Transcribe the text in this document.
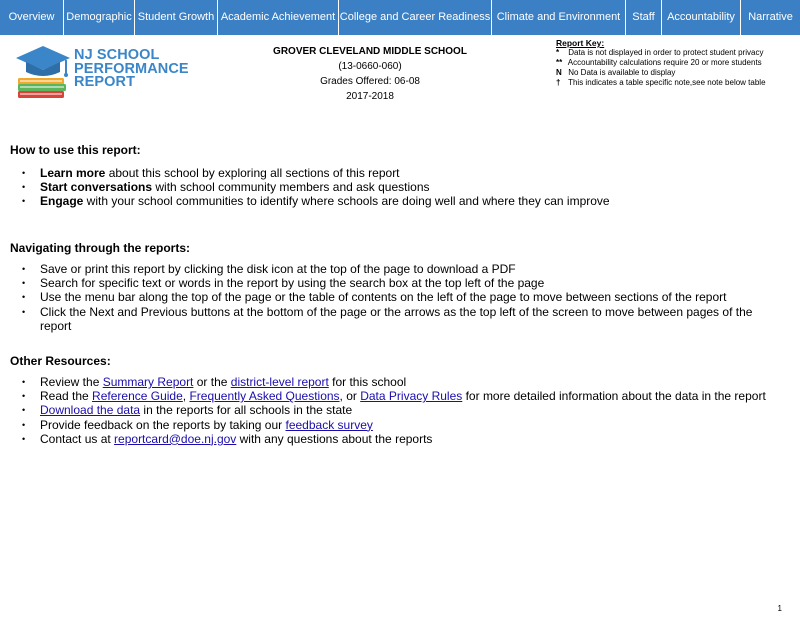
Overview	Demographic Student Growth Academic Achievement College and Career Readiness Climate and Environment	Staff	Accountability	Narrative
NJ SCHOOL
PERFORMANCE
REPORT
GROVER CLEVELAND MIDDLE SCHOOL
(13-0660-060)
Grades Offered: 06-08
2017-2018
Report Key:
* Data is not displayed in order to protect student privacy
** Accountability calculations require 20 or more students
N No Data is available to display
† This indicates a table specific note,see note below table
How to use this report:
• Learn more about this school by exploring all sections of this report
• Start conversations with school community members and ask questions
• Engage with your school communities to identify where schools are doing well and where they can improve
Navigating through the reports:
• Save or print this report by clicking the disk icon at the top of the page to download a PDF
• Search for specific text or words in the report by using the search box at the top left of the page
• Use the menu bar along the top of the page or the table of contents on the left of the page to move between sections of the report
• Click the Next and Previous buttons at the bottom of the page or the arrows as the top left of the screen to move between pages of the report
Other Resources:
• Review the Summary Report or the district-level report for this school
• Read the Reference Guide, Frequently Asked Questions, or Data Privacy Rules for more detailed information about the data in the report
• Download the data in the reports for all schools in the state
• Provide feedback on the reports by taking our feedback survey
• Contact us at reportcard@doe.nj.gov with any questions about the reports
1
